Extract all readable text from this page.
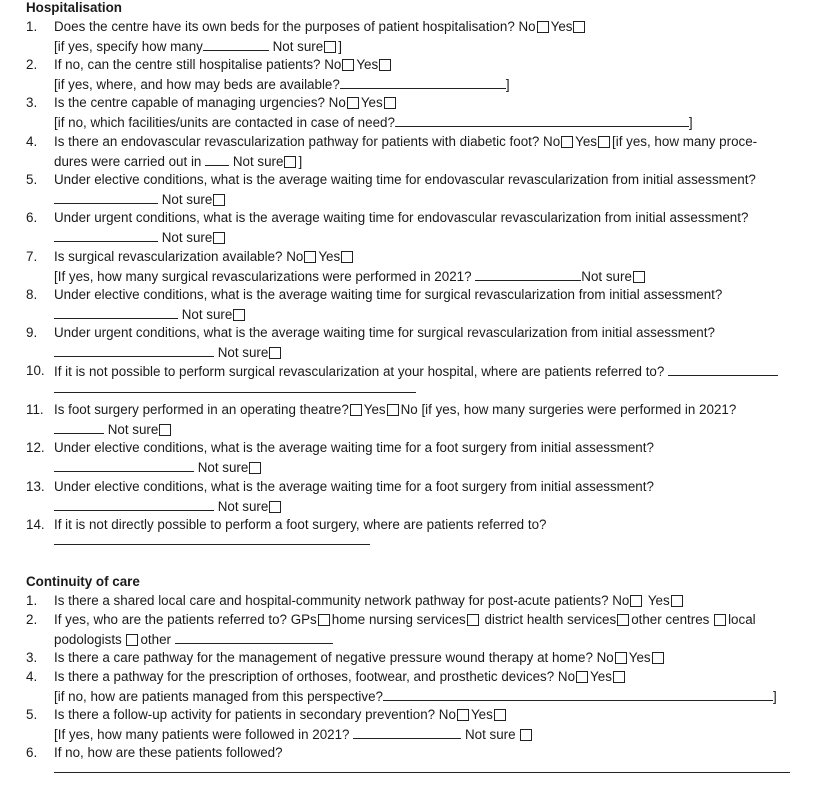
Hospitalisation
1. Does the centre have its own beds for the purposes of patient hospitalisation? No Yes
[if yes, specify how many	Not sure ]
2. If no, can the centre still hospitalise patients? No Yes
[if yes, where, and how may beds are available?	]
3. Is the centre capable of managing urgencies? No Yes
[if no, which facilities/units are contacted in case of need?	]
4. Is there an endovascular revascularization pathway for patients with diabetic foot? No Yes [if yes, how many proce-
dures were carried out in Not sure ]
5. Under elective conditions, what is the average waiting time for endovascular revascularization from initial assessment?
Not sure
6. Under urgent conditions, what is the average waiting time for endovascular revascularization from initial assessment?
Not sure
7. Is surgical revascularization available? No Yes
[If yes, how many surgical revascularizations were performed in 2021?	Not sure
8. Under elective conditions, what is the average waiting time for surgical revascularization from initial assessment?
Not sure
9. Under urgent conditions, what is the average waiting time for surgical revascularization from initial assessment?
Not sure
10. If it is not possible to perform surgical revascularization at your hospital, where are patients referred to?
11. Is foot surgery performed in an operating theatre? Yes No [if yes, how many surgeries were performed in 2021?
Not sure
12. Under elective conditions, what is the average waiting time for a foot surgery from initial assessment?
Not sure
13. Under elective conditions, what is the average waiting time for a foot surgery from initial assessment?
Not sure
14. If it is not directly possible to perform a foot surgery, where are patients referred to?
Continuity of care
1. Is there a shared local care and hospital-community network pathway for post-acute patients? No Yes
2. If yes, who are the patients referred to? GPs home nursing services district health services other centres local
podologists other
3. Is there a care pathway for the management of negative pressure wound therapy at home? No Yes
4. Is there a pathway for the prescription of orthoses, footwear, and prosthetic devices? No Yes
[if no, how are patients managed from this perspective?	]
5. Is there a follow-up activity for patients in secondary prevention? No Yes
[If yes, how many patients were followed in 2021?	Not sure
6. If no, how are these patients followed?
